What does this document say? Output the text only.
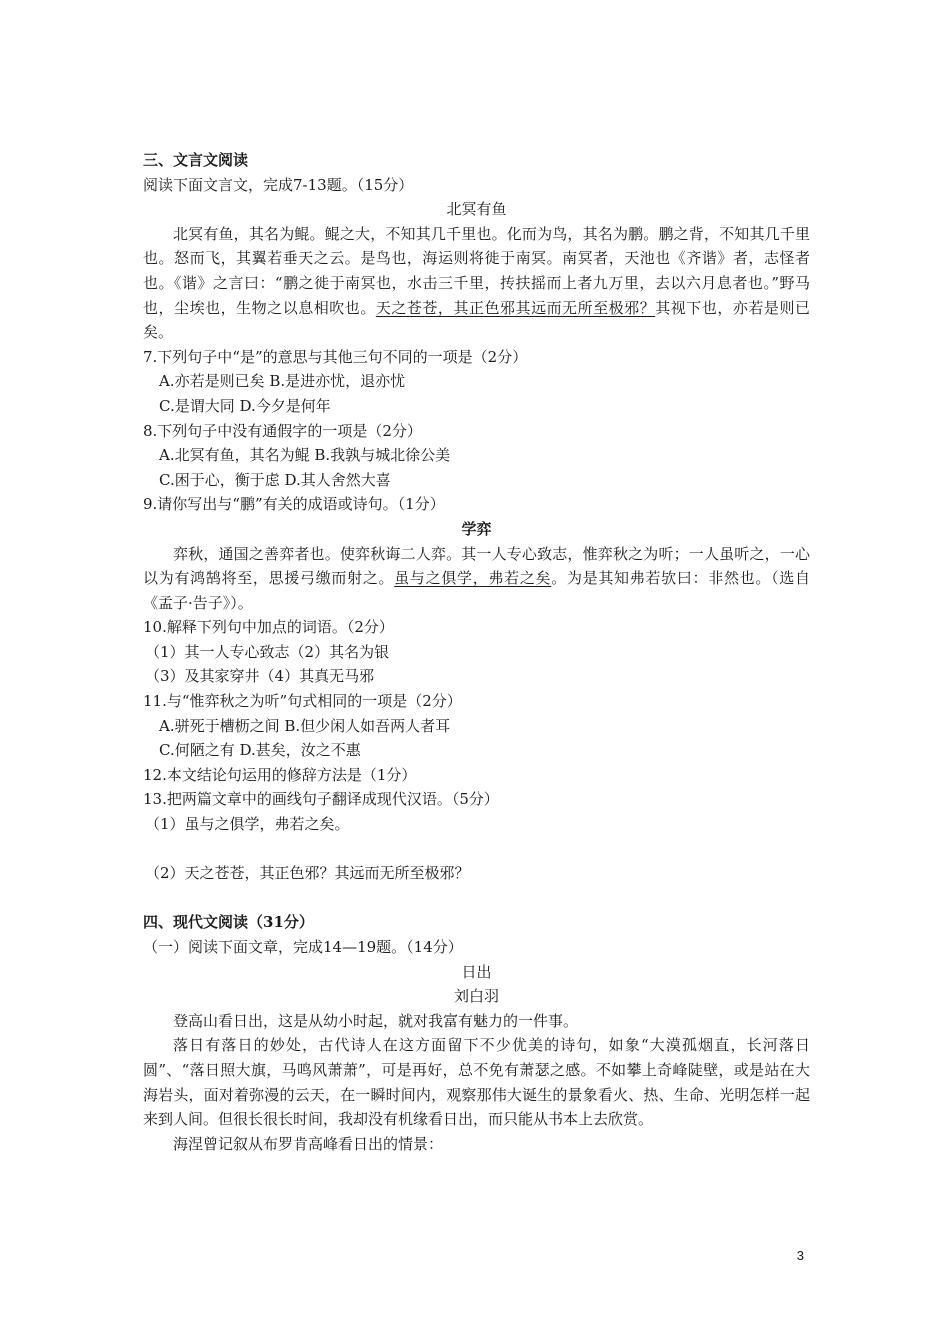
三、文言文阅读
阅读下面文言文，完成7-13题。（15分）
北冥有鱼
北冥有鱼，其名为鲲。鲲之大，不知其几千里也。化而为鸟，其名为鹏。鹏之背，不知其几千里也。怒而飞，其翼若垂天之云。是鸟也，海运则将徙于南冥。南冥者，天池也《齐谐》者，志怪者也。《谐》之言曰：“鹏之徙于南冥也，水击三千里，抟扶摇而上者九万里，去以六月息者也。”野马也，尘埃也，生物之以息相吹也。天之苍苍，其正色邪其远而无所至极邪？其视下也，亦若是则已矣。
7.下列句子中“是”的意思与其他三句不同的一项是（2分）
A.亦若是则已矣 B.是进亦忧，退亦忧
C.是谓大同 D.今夕是何年
8.下列句子中没有通假字的一项是（2分）
A.北冥有鱼，其名为鲲 B.我孰与城北徐公美
C.困于心，衡于虑 D.其人舍然大喜
9.请你写出与“鹏”有关的成语或诗句。（1分）
学弈
弈秋，通国之善弈者也。使弈秋诲二人弈。其一人专心致志，惟弈秋之为听；一人虽听之，一心以为有鸿鹄将至，思援弓缴而射之。虽与之俱学，弗若之矣。为是其知弗若欤曰：非然也。（选自《孟子·告子》）。
10.解释下列句中加点的词语。（2分）
（1）其一人专心致志（2）其名为银
（3）及其家穿井（4）其真无马邪
11.与“惟弈秋之为听”句式相同的一项是（2分）
A.骈死于槽枥之间 B.但少闲人如吾两人者耳
C.何陋之有 D.甚矣，汝之不惠
12.本文结论句运用的修辞方法是（1分）
13.把两篇文章中的画线句子翻译成现代汉语。（5分）
（1）虽与之俱学，弗若之矣。
（2）天之苍苍，其正色邪？其远而无所至极邪？
四、现代文阅读（31分）
（一）阅读下面文章，完成14—19题。（14分）
日出
刘白羽
登高山看日出，这是从幼小时起，就对我富有魅力的一件事。
落日有落日的妙处，古代诗人在这方面留下不少优美的诗句，如象“大漠孤烟直，长河落日圆”、“落日照大旗，马鸣风萧萧”，可是再好，总不免有萧瑟之感。不如攀上奇峰陡壁，或是站在大海岩头，面对着弥漫的云天，在一瞬时间内，观察那伟大诞生的景象看火、热、生命、光明怎样一起来到人间。但很长很长时间，我却没有机缘看日出，而只能从书本上去欣赏。
海涅曾记叙从布罗肯高峰看日出的情景：
3
